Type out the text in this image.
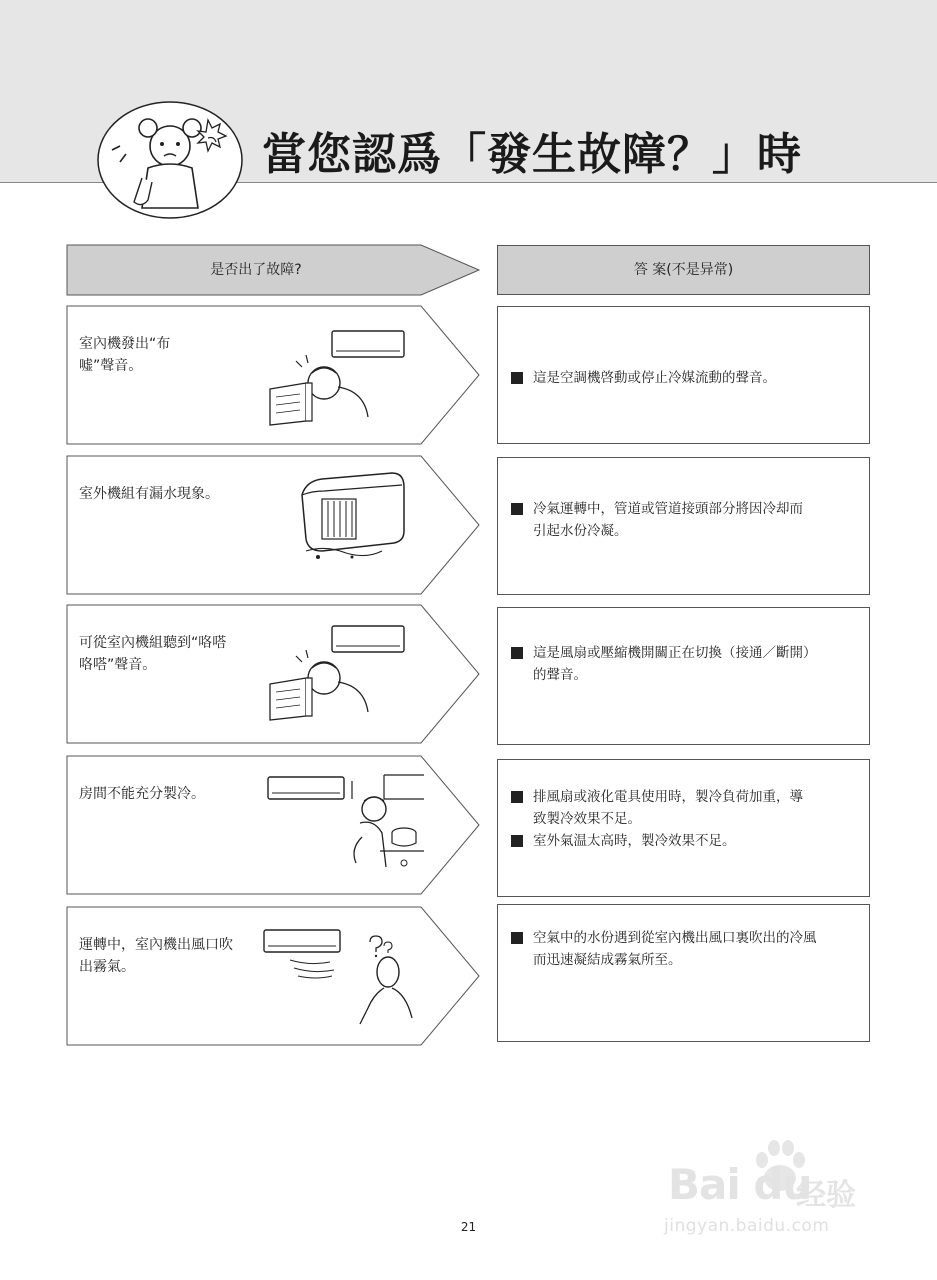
當您認爲「發生故障？」時
是否出了故障?	答 案(不是异常)
室內機發出“布
嘘”聲音。
這是空調機啓動或停止冷媒流動的聲音。
室外機組有漏水現象。
冷氣運轉中，管道或管道接頭部分將因冷却而
引起水份冷凝。
可從室內機組聽到“咯嗒
咯嗒”聲音。
這是風扇或壓縮機開關正在切換（接通／斷開）
的聲音。
房間不能充分製冷。	排風扇或液化電具使用時，製冷負荷加重，導
致製冷效果不足。
室外氣温太高時，製冷效果不足。
運轉中，室內機出風口吹
出霧氣。
空氣中的水份遇到從室內機出風口裏吹出的冷風
而迅速凝結成霧氣所至。
21
Bai du
经验
jingyan.baidu.com
